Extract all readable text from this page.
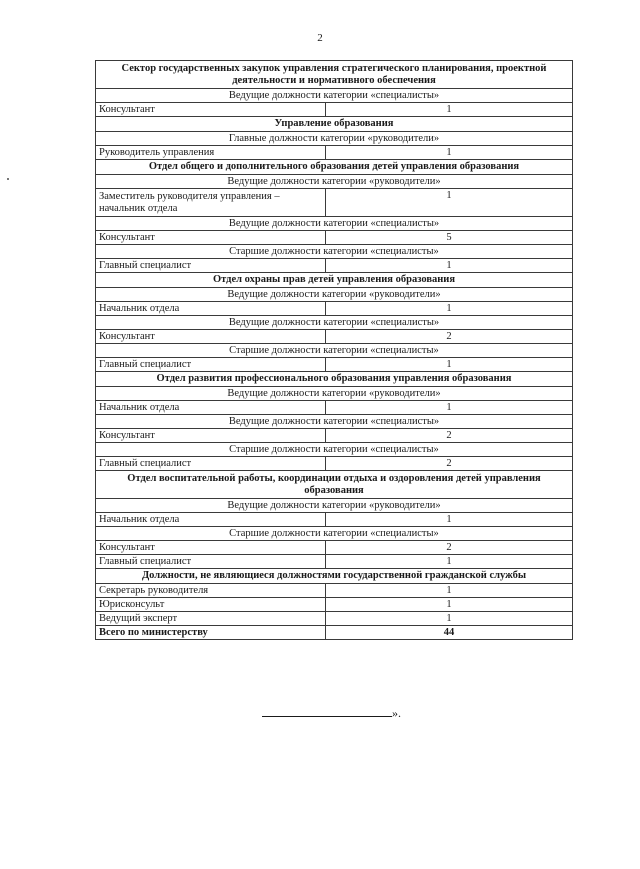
2
Сектор государственных закупок управления стратегического планирования, проектной деятельности и нормативного обеспечения	
Ведущие должности категории «специалисты»	
Консультант	1
Управление образования	
Главные должности категории «руководители»	
Руководитель управления	1
Отдел общего и дополнительного образования детей управления образования	
Ведущие должности категории «руководители»	
Заместитель руководителя управления – начальник отдела	1
Ведущие должности категории «специалисты»	
Консультант	5
Старшие должности категории «специалисты»	
Главный специалист	1
Отдел охраны прав детей управления образования	
Ведущие должности категории «руководители»	
Начальник отдела	1
Ведущие должности категории «специалисты»	
Консультант	2
Старшие должности категории «специалисты»	
Главный специалист	1
Отдел развития профессионального образования управления образования	
Ведущие должности категории «руководители»	
Начальник отдела	1
Ведущие должности категории «специалисты»	
Консультант	2
Старшие должности категории «специалисты»	
Главный специалист	2
Отдел воспитательной работы, координации отдыха и оздоровления детей управления образования	
Ведущие должности категории «руководители»	
Начальник отдела	1
Старшие должности категории «специалисты»	
Консультант	2
Главный специалист	1
Должности, не являющиеся должностями государственной гражданской службы	
Секретарь руководителя	1
Юрисконсульт	1
Ведущий эксперт	1
Всего по министерству	44
».
